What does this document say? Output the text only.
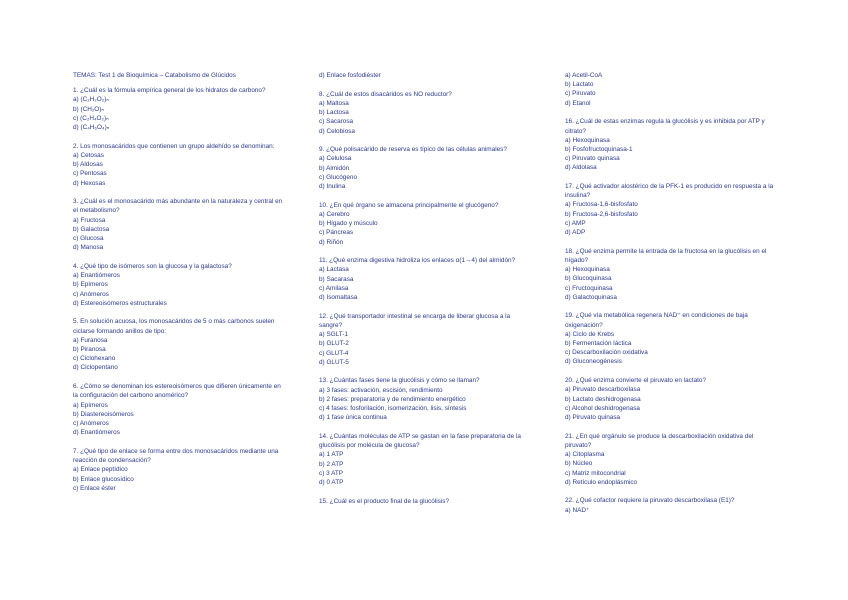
TEMAS: Test 1 de Bioquímica – Catabolismo de Glúcidos
1. ¿Cuál es la fórmula empírica general de los hidratos de carbono?
a) (C₂H₂O₂)ₙ
b) (CH₂O)ₙ
c) (C₂H₄O₂)ₙ
d) (C₄H₆O₄)ₙ
2. Los monosacáridos que contienen un grupo aldehído se denominan:
a) Cetosas
b) Aldosas
c) Pentosas
d) Hexosas
3. ¿Cuál es el monosacárido más abundante en la naturaleza y central en el metabolismo?
a) Fructosa
b) Galactosa
c) Glucosa
d) Manosa
4. ¿Qué tipo de isómeros son la glucosa y la galactosa?
a) Enantiómeros
b) Epímeros
c) Anómeros
d) Estereoisómeros estructurales
5. En solución acuosa, los monosacáridos de 5 o más carbonos suelen ciclarse formando anillos de tipo:
a) Furanosa
b) Piranosa
c) Ciclohexano
d) Ciclopentano
6. ¿Cómo se denominan los estereoisómeros que difieren únicamente en la configuración del carbono anomérico?
a) Epímeros
b) Diastereoisómeros
c) Anómeros
d) Enantiómeros
7. ¿Qué tipo de enlace se forma entre dos monosacáridos mediante una reacción de condensación?
a) Enlace peptídico
b) Enlace glucosídico
c) Enlace éster
d) Enlace fosfodiéster
8. ¿Cuál de estos disacáridos es NO reductor?
a) Maltosa
b) Lactosa
c) Sacarosa
d) Celobiosa
9. ¿Qué polisacárido de reserva es típico de las células animales?
a) Celulosa
b) Almidón
c) Glucógeno
d) Inulina
10. ¿En qué órgano se almacena principalmente el glucógeno?
a) Cerebro
b) Hígado y músculo
c) Páncreas
d) Riñón
11. ¿Qué enzima digestiva hidroliza los enlaces α(1→4) del almidón?
a) Lactasa
b) Sacarasa
c) Amilasa
d) Isomaltasa
12. ¿Qué transportador intestinal se encarga de liberar glucosa a la sangre?
a) SGLT-1
b) GLUT-2
c) GLUT-4
d) GLUT-5
13. ¿Cuántas fases tiene la glucólisis y cómo se llaman?
a) 3 fases: activación, escisión, rendimiento
b) 2 fases: preparatoria y de rendimiento energético
c) 4 fases: fosforilación, isomerización, lisis, síntesis
d) 1 fase única continua
14. ¿Cuántas moléculas de ATP se gastan en la fase preparatoria de la glucólisis por molécula de glucosa?
a) 1 ATP
b) 2 ATP
c) 3 ATP
d) 0 ATP
15. ¿Cuál es el producto final de la glucólisis?
a) Acetil-CoA
b) Lactato
c) Piruvato
d) Etanol
16. ¿Cuál de estas enzimas regula la glucólisis y es inhibida por ATP y citrato?
a) Hexoquinasa
b) Fosfofructoquinasa-1
c) Piruvato quinasa
d) Aldolasa
17. ¿Qué activador alostérico de la PFK-1 es producido en respuesta a la insulina?
a) Fructosa-1,6-bisfosfato
b) Fructosa-2,6-bisfosfato
c) AMP
d) ADP
18. ¿Qué enzima permite la entrada de la fructosa en la glucólisis en el hígado?
a) Hexoquinasa
b) Glucoquinasa
c) Fructoquinasa
d) Galactoquinasa
19. ¿Qué vía metabólica regenera NAD⁺ en condiciones de baja oxigenación?
a) Ciclo de Krebs
b) Fermentación láctica
c) Descarboxilación oxidativa
d) Gluconeogénesis
20. ¿Qué enzima convierte el piruvato en lactato?
a) Piruvato descarboxilasa
b) Lactato deshidrogenasa
c) Alcohol deshidrogenasa
d) Piruvato quinasa
21. ¿En qué orgánulo se produce la descarboxilación oxidativa del piruvato?
a) Citoplasma
b) Núcleo
c) Matriz mitocondrial
d) Retículo endoplásmico
22. ¿Qué cofactor requiere la piruvato descarboxilasa (E1)?
a) NAD⁺
